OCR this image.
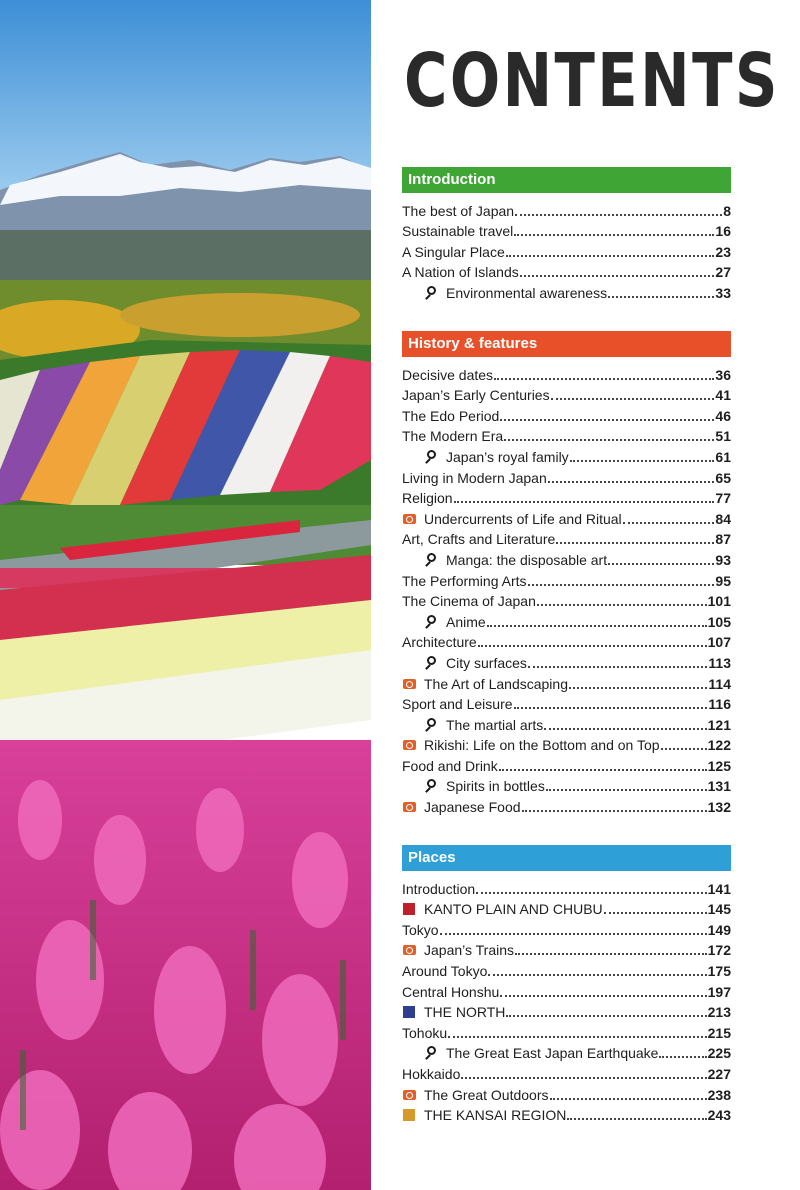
CONTENTS
Introduction
The best of Japan	8
Sustainable travel	16
A Singular Place	23
A Nation of Islands	27
Environmental awareness	33
History & features
Decisive dates	36
Japan’s Early Centuries	41
The Edo Period	46
The Modern Era	51
Japan’s royal family	61
Living in Modern Japan	65
Religion	77
Undercurrents of Life and Ritual	84
Art, Crafts and Literature	87
Manga: the disposable art	93
The Performing Arts	95
The Cinema of Japan	101
Anime	105
Architecture	107
City surfaces	113
The Art of Landscaping	114
Sport and Leisure	116
The martial arts	121
Rikishi: Life on the Bottom and on Top	122
Food and Drink	125
Spirits in bottles	131
Japanese Food	132
Places
Introduction	141
KANTO PLAIN AND CHUBU	145
Tokyo	149
Japan’s Trains	172
Around Tokyo	175
Central Honshu	197
THE NORTH	213
Tohoku	215
The Great East Japan Earthquake	225
Hokkaido	227
The Great Outdoors	238
THE KANSAI REGION	243
